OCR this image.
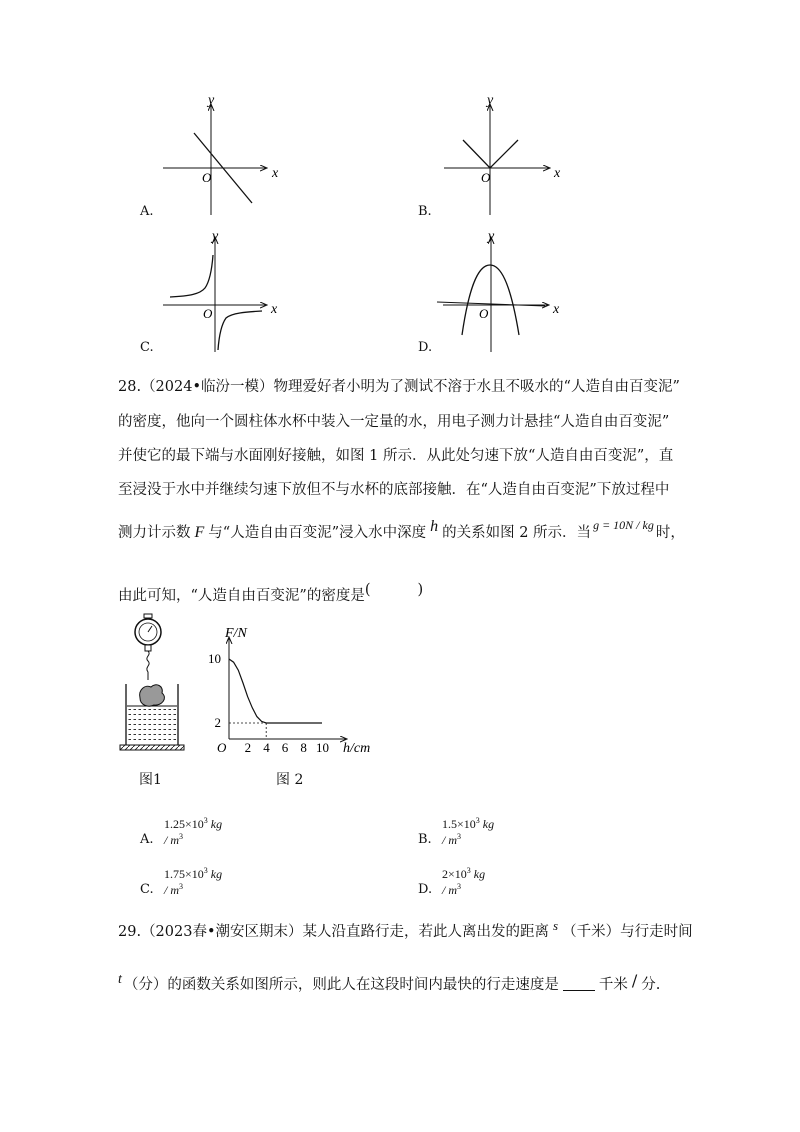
x
y
O	x
y
O
x
y
O	x
y
O
A.	B.
C.	D.
28.（2024•临汾一模）物理爱好者小明为了测试不溶于水且不吸水的“人造自由百变泥”
的密度，他向一个圆柱体水杯中装入一定量的水，用电子测力计悬挂“人造自由百变泥”
并使它的最下端与水面刚好接触，如图 1 所示．从此处匀速下放“人造自由百变泥”，直
至浸没于水中并继续匀速下放但不与水杯的底部接触．在“人造自由百变泥”下放过程中
测力计示数 F 与“人造自由百变泥”浸入水中深度 h 的关系如图 2 所示．当 $^{g = 10N / kg}$ 时，
由此可知，“人造自由百变泥”的密度是(　　)
图1
2 4 6 8 10
10
2
F/N
h/cm
O
图 2
A.
$1.25\times 10^3$ kg / $m^3$	B.
$1.5\times 10^3$ kg / $m^3$
C.
$1.75\times 10^3$ kg / $m^3$	D.
$2\times 10^3$ kg / $m^3$
29.（2023春•潮安区期末）某人沿直路行走，若此人离出发的距离 s （千米）与行走时间
t （分）的函数关系如图所示，则此人在这段时间内最快的行走速度是	千米 / 分.
